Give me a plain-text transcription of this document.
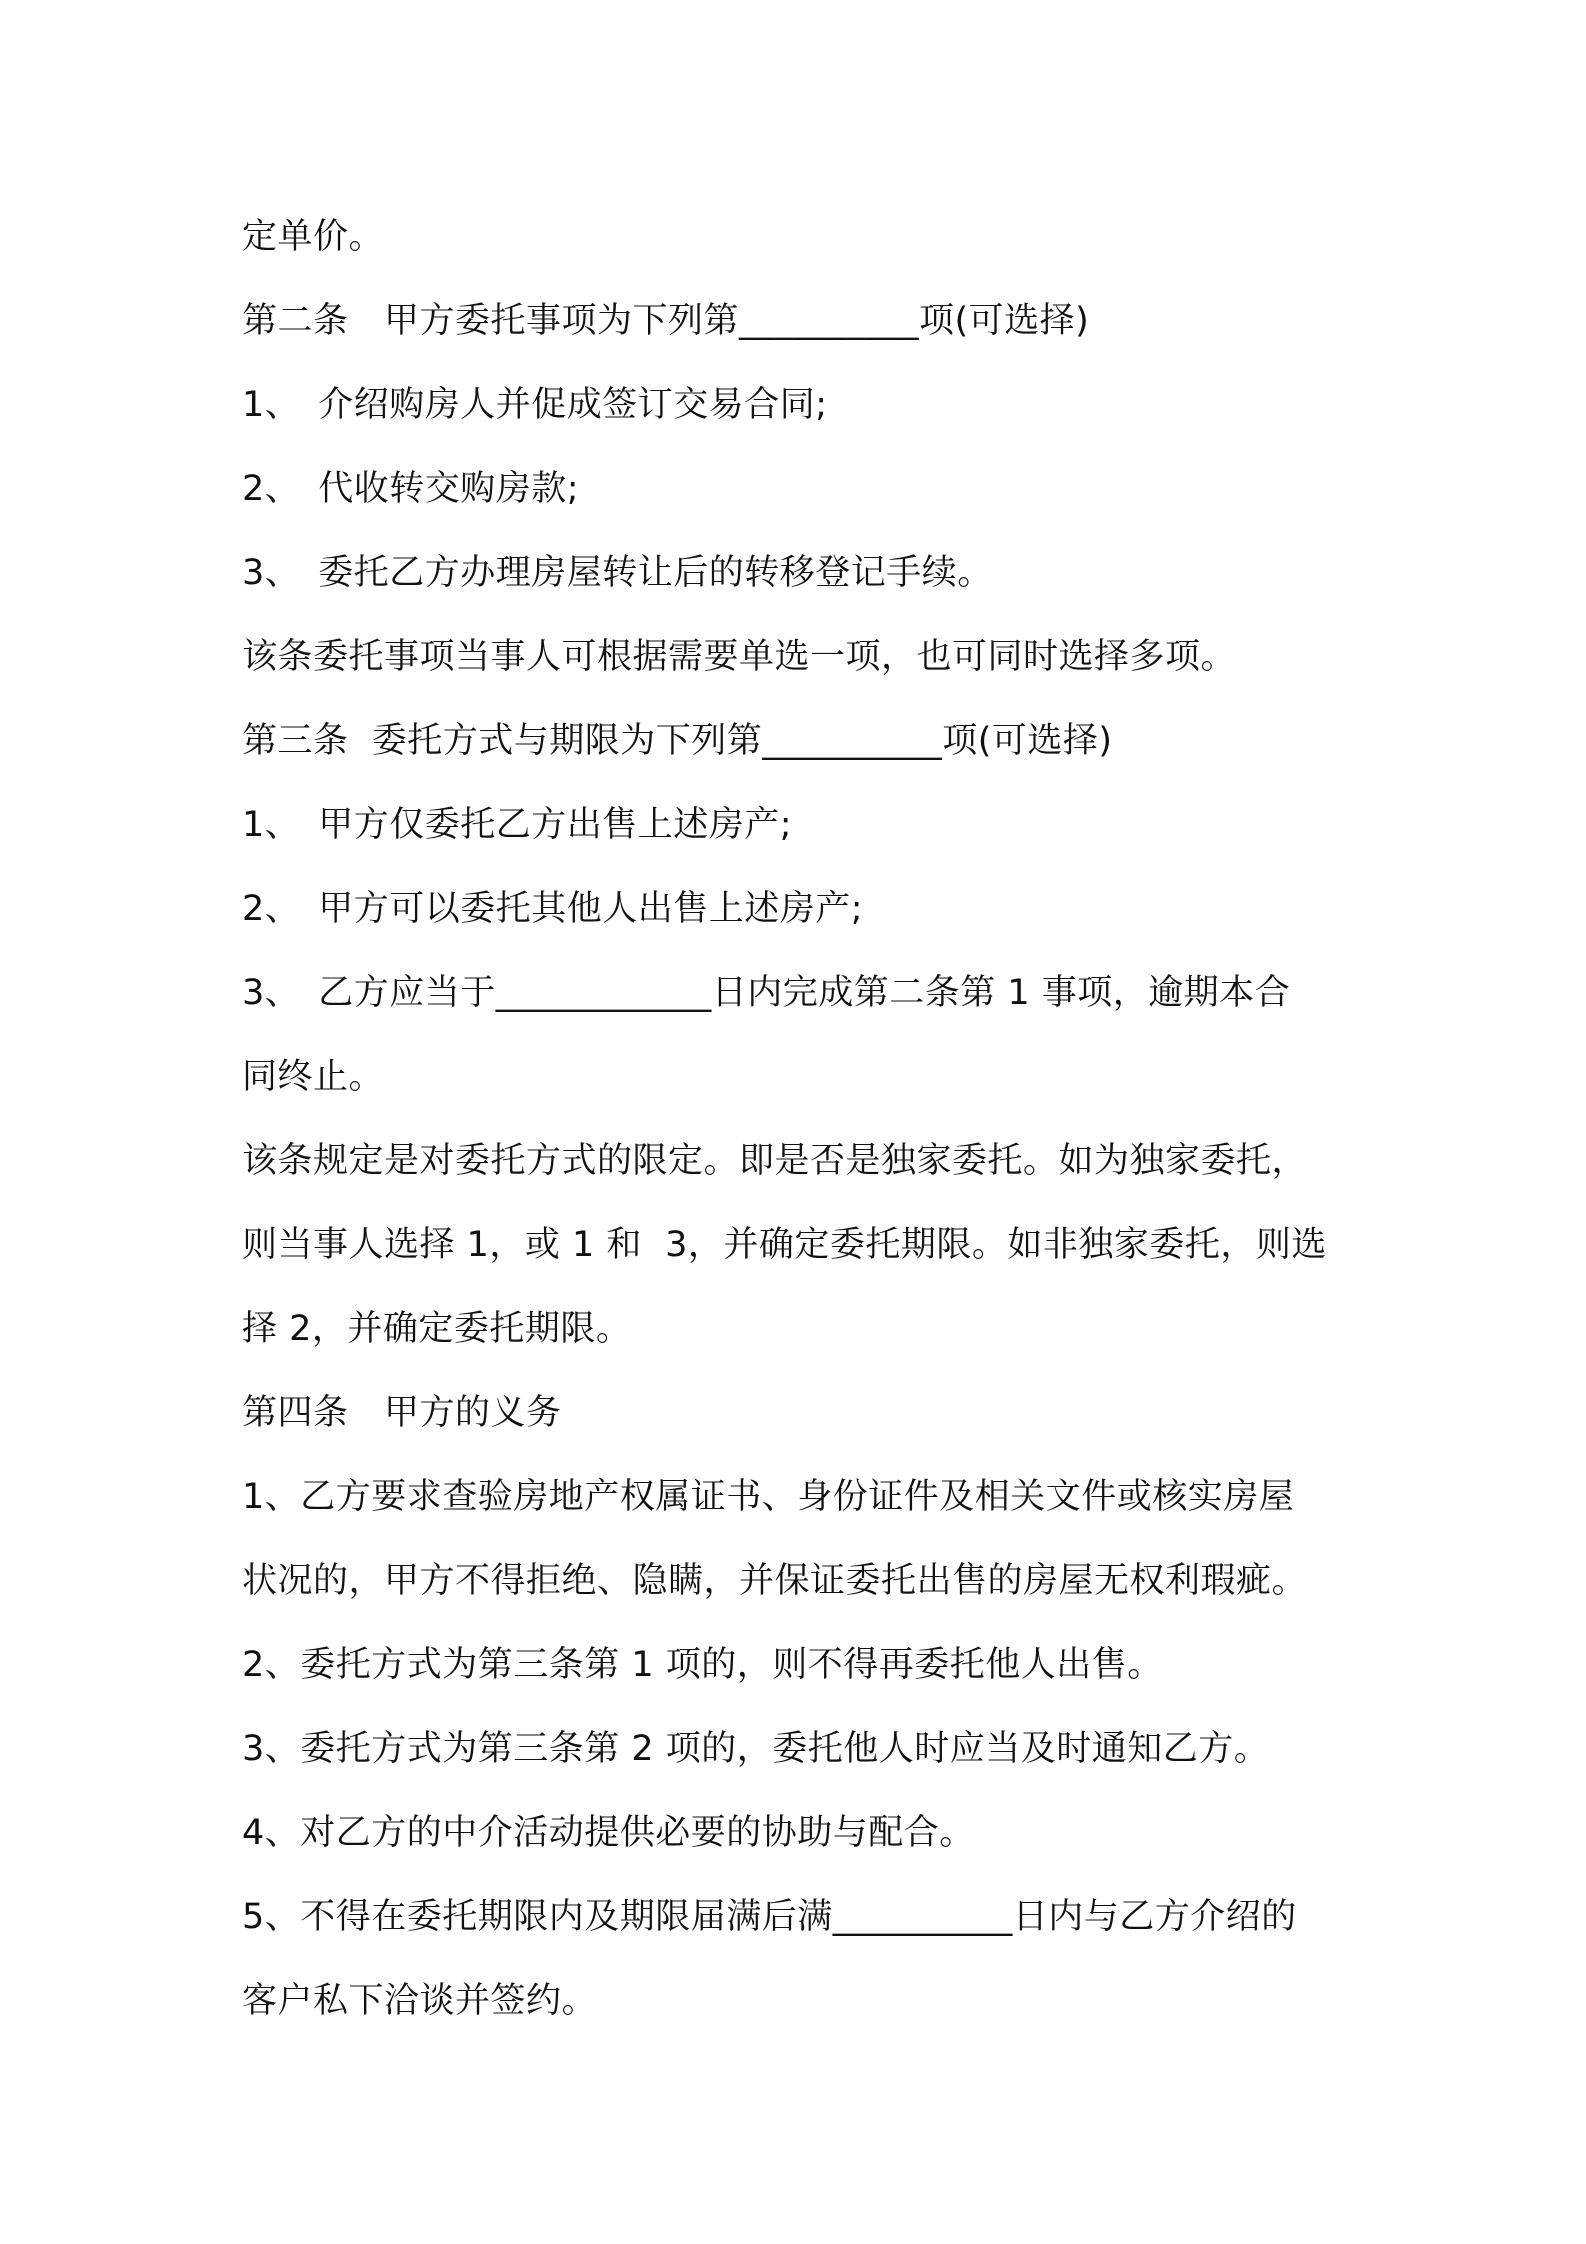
定单价。
第二条　甲方委托事项为下列第__________项(可选择)
1、　介绍购房人并促成签订交易合同;
2、　代收转交购房款;
3、　委托乙方办理房屋转让后的转移登记手续。
该条委托事项当事人可根据需要单选一项，也可同时选择多项。
第三条  委托方式与期限为下列第__________项(可选择)
1、　甲方仅委托乙方出售上述房产;
2、　甲方可以委托其他人出售上述房产;
3、　乙方应当于____________日内完成第二条第 1 事项，逾期本合
同终止。
该条规定是对委托方式的限定。即是否是独家委托。如为独家委托，
则当事人选择 1，或 1 和  3，并确定委托期限。如非独家委托，则选
择 2，并确定委托期限。
第四条　甲方的义务
1、乙方要求查验房地产权属证书、身份证件及相关文件或核实房屋
状况的，甲方不得拒绝、隐瞒，并保证委托出售的房屋无权利瑕疵。
2、委托方式为第三条第 1 项的，则不得再委托他人出售。
3、委托方式为第三条第 2 项的，委托他人时应当及时通知乙方。
4、对乙方的中介活动提供必要的协助与配合。
5、不得在委托期限内及期限届满后满__________日内与乙方介绍的
客户私下洽谈并签约。
